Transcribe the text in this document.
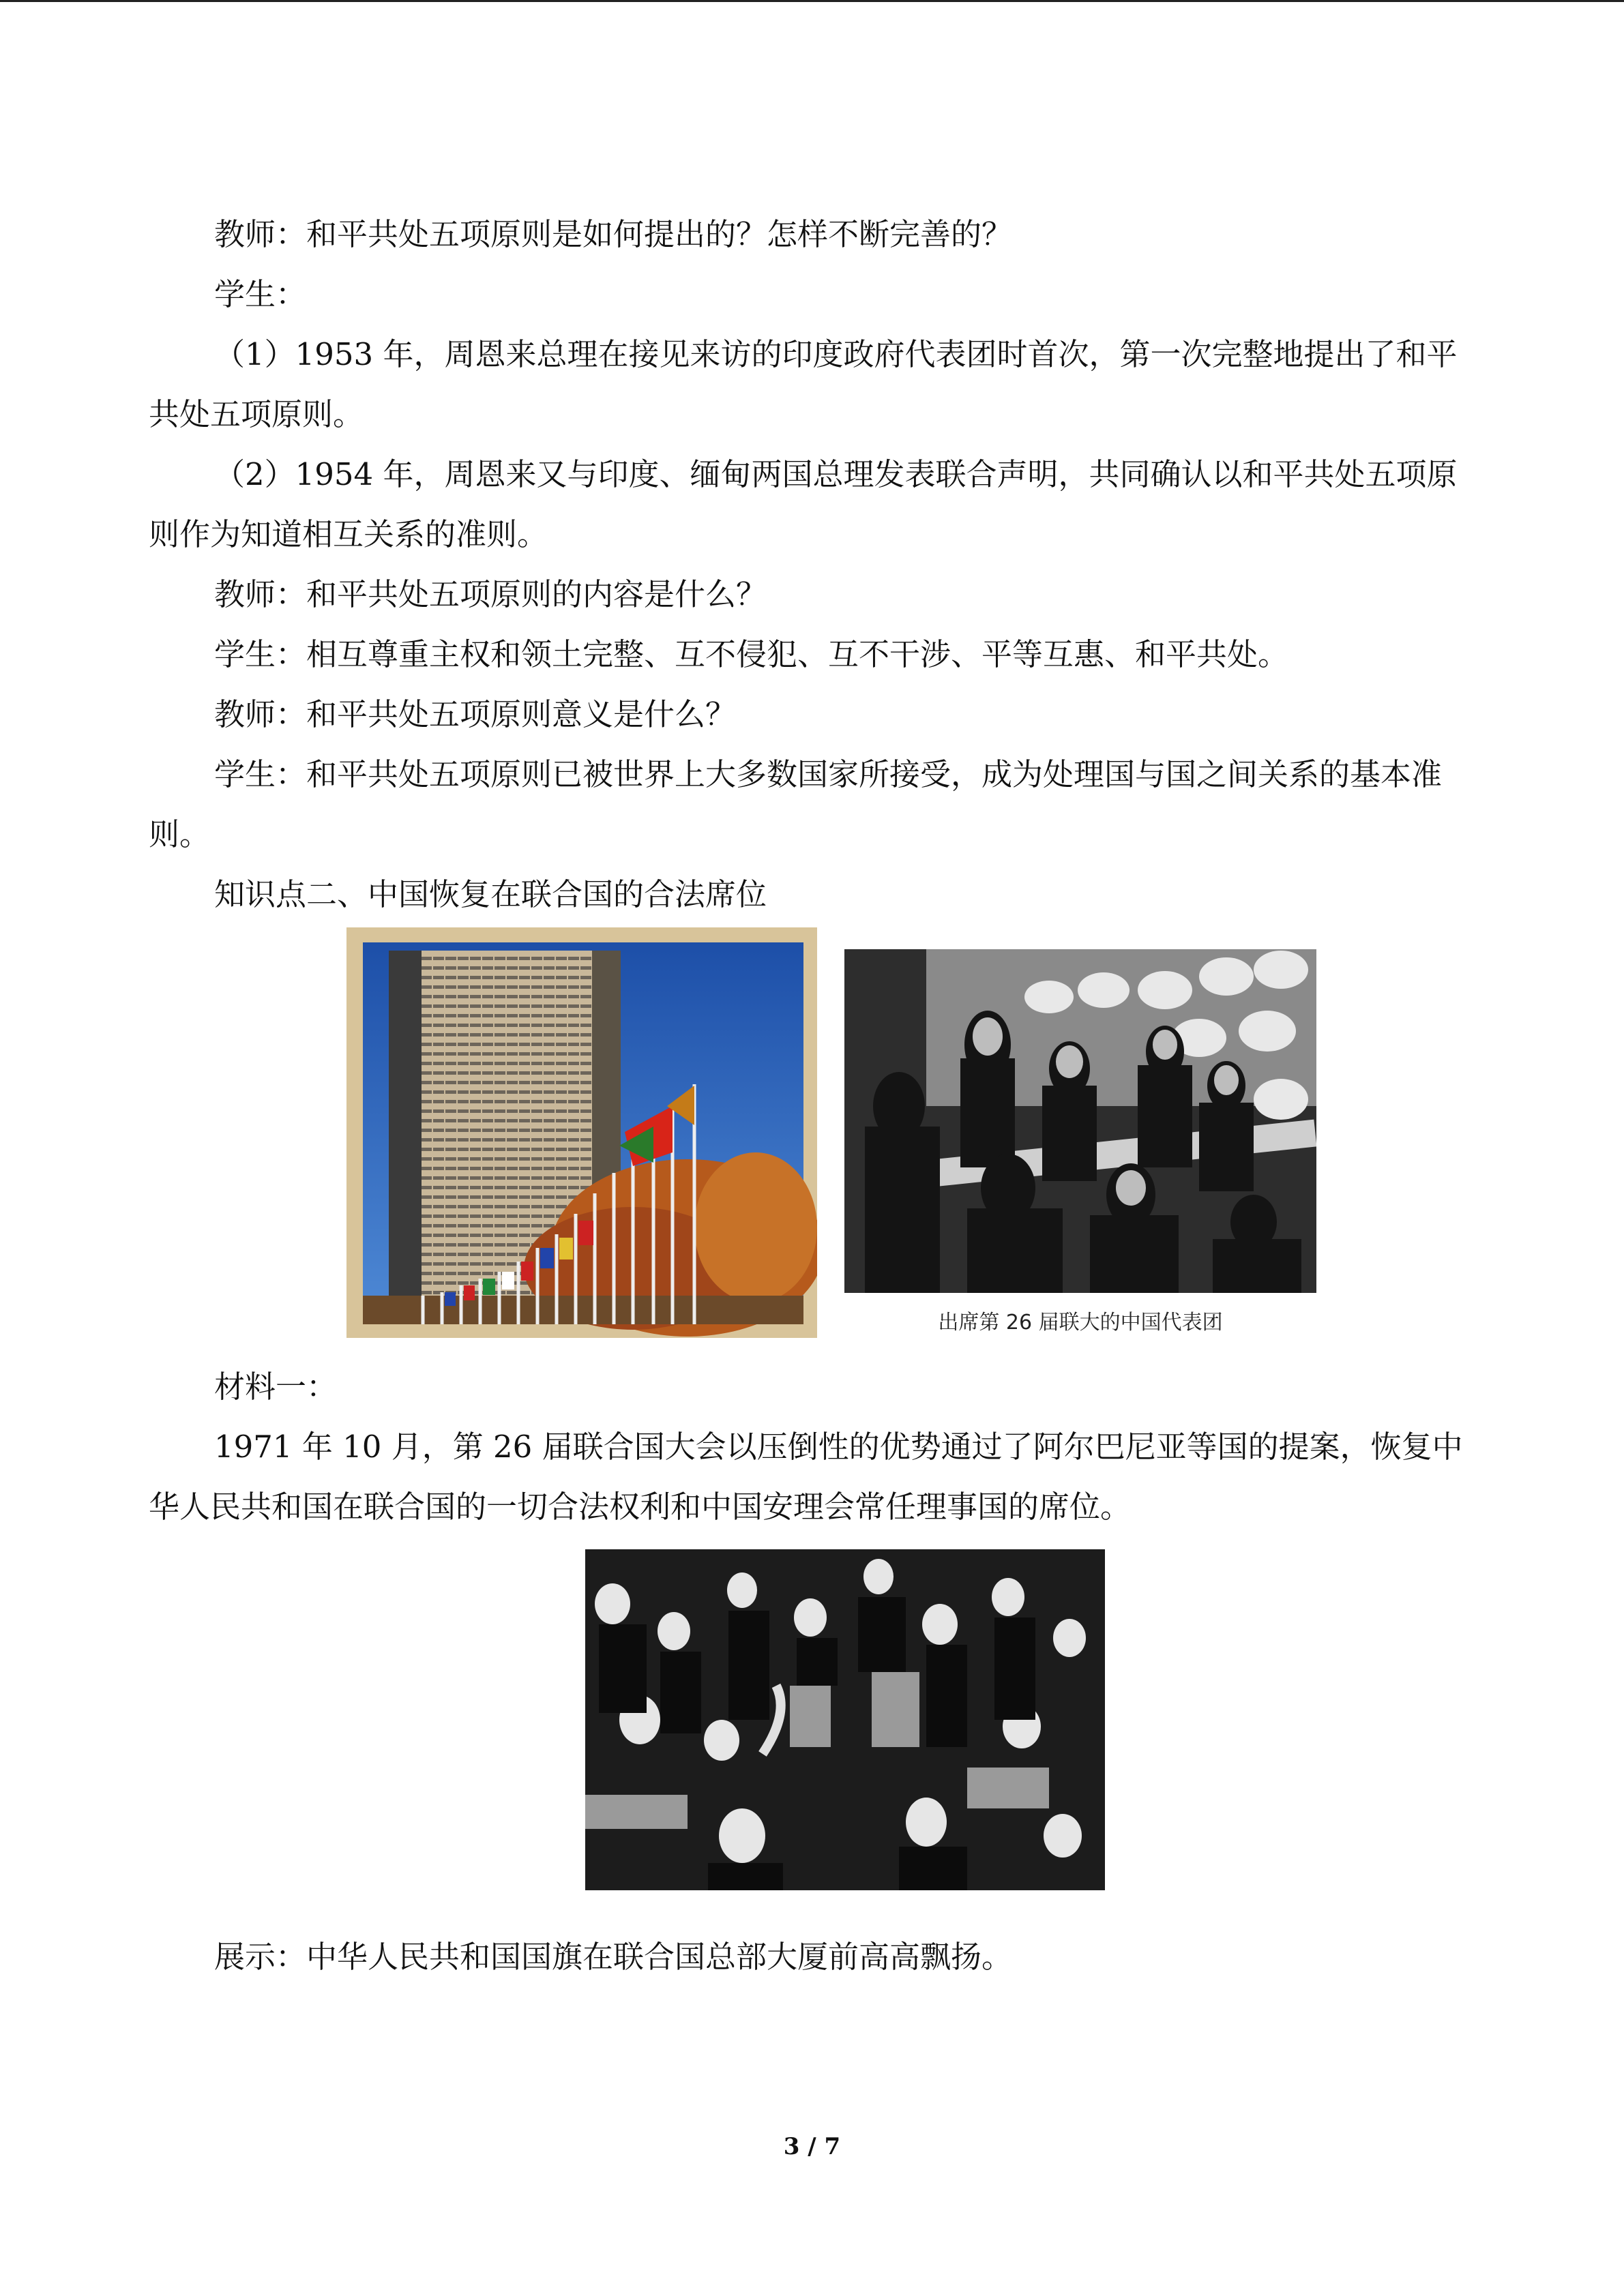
教师：和平共处五项原则是如何提出的？怎样不断完善的？

学生：

（1）1953 年，周恩来总理在接见来访的印度政府代表团时首次，第一次完整地提出了和平共处五项原则。

（2）1954 年，周恩来又与印度、缅甸两国总理发表联合声明，共同确认以和平共处五项原则作为知道相互关系的准则。

教师：和平共处五项原则的内容是什么？

学生：相互尊重主权和领土完整、互不侵犯、互不干涉、平等互惠、和平共处。

教师：和平共处五项原则意义是什么？

学生：和平共处五项原则已被世界上大多数国家所接受，成为处理国与国之间关系的基本准则。

知识点二、中国恢复在联合国的合法席位

出席第 26 届联大的中国代表团

材料一：

1971 年 10 月，第 26 届联合国大会以压倒性的优势通过了阿尔巴尼亚等国的提案，恢复中华人民共和国在联合国的一切合法权利和中国安理会常任理事国的席位。

展示：中华人民共和国国旗在联合国总部大厦前高高飘扬。

3 / 7
